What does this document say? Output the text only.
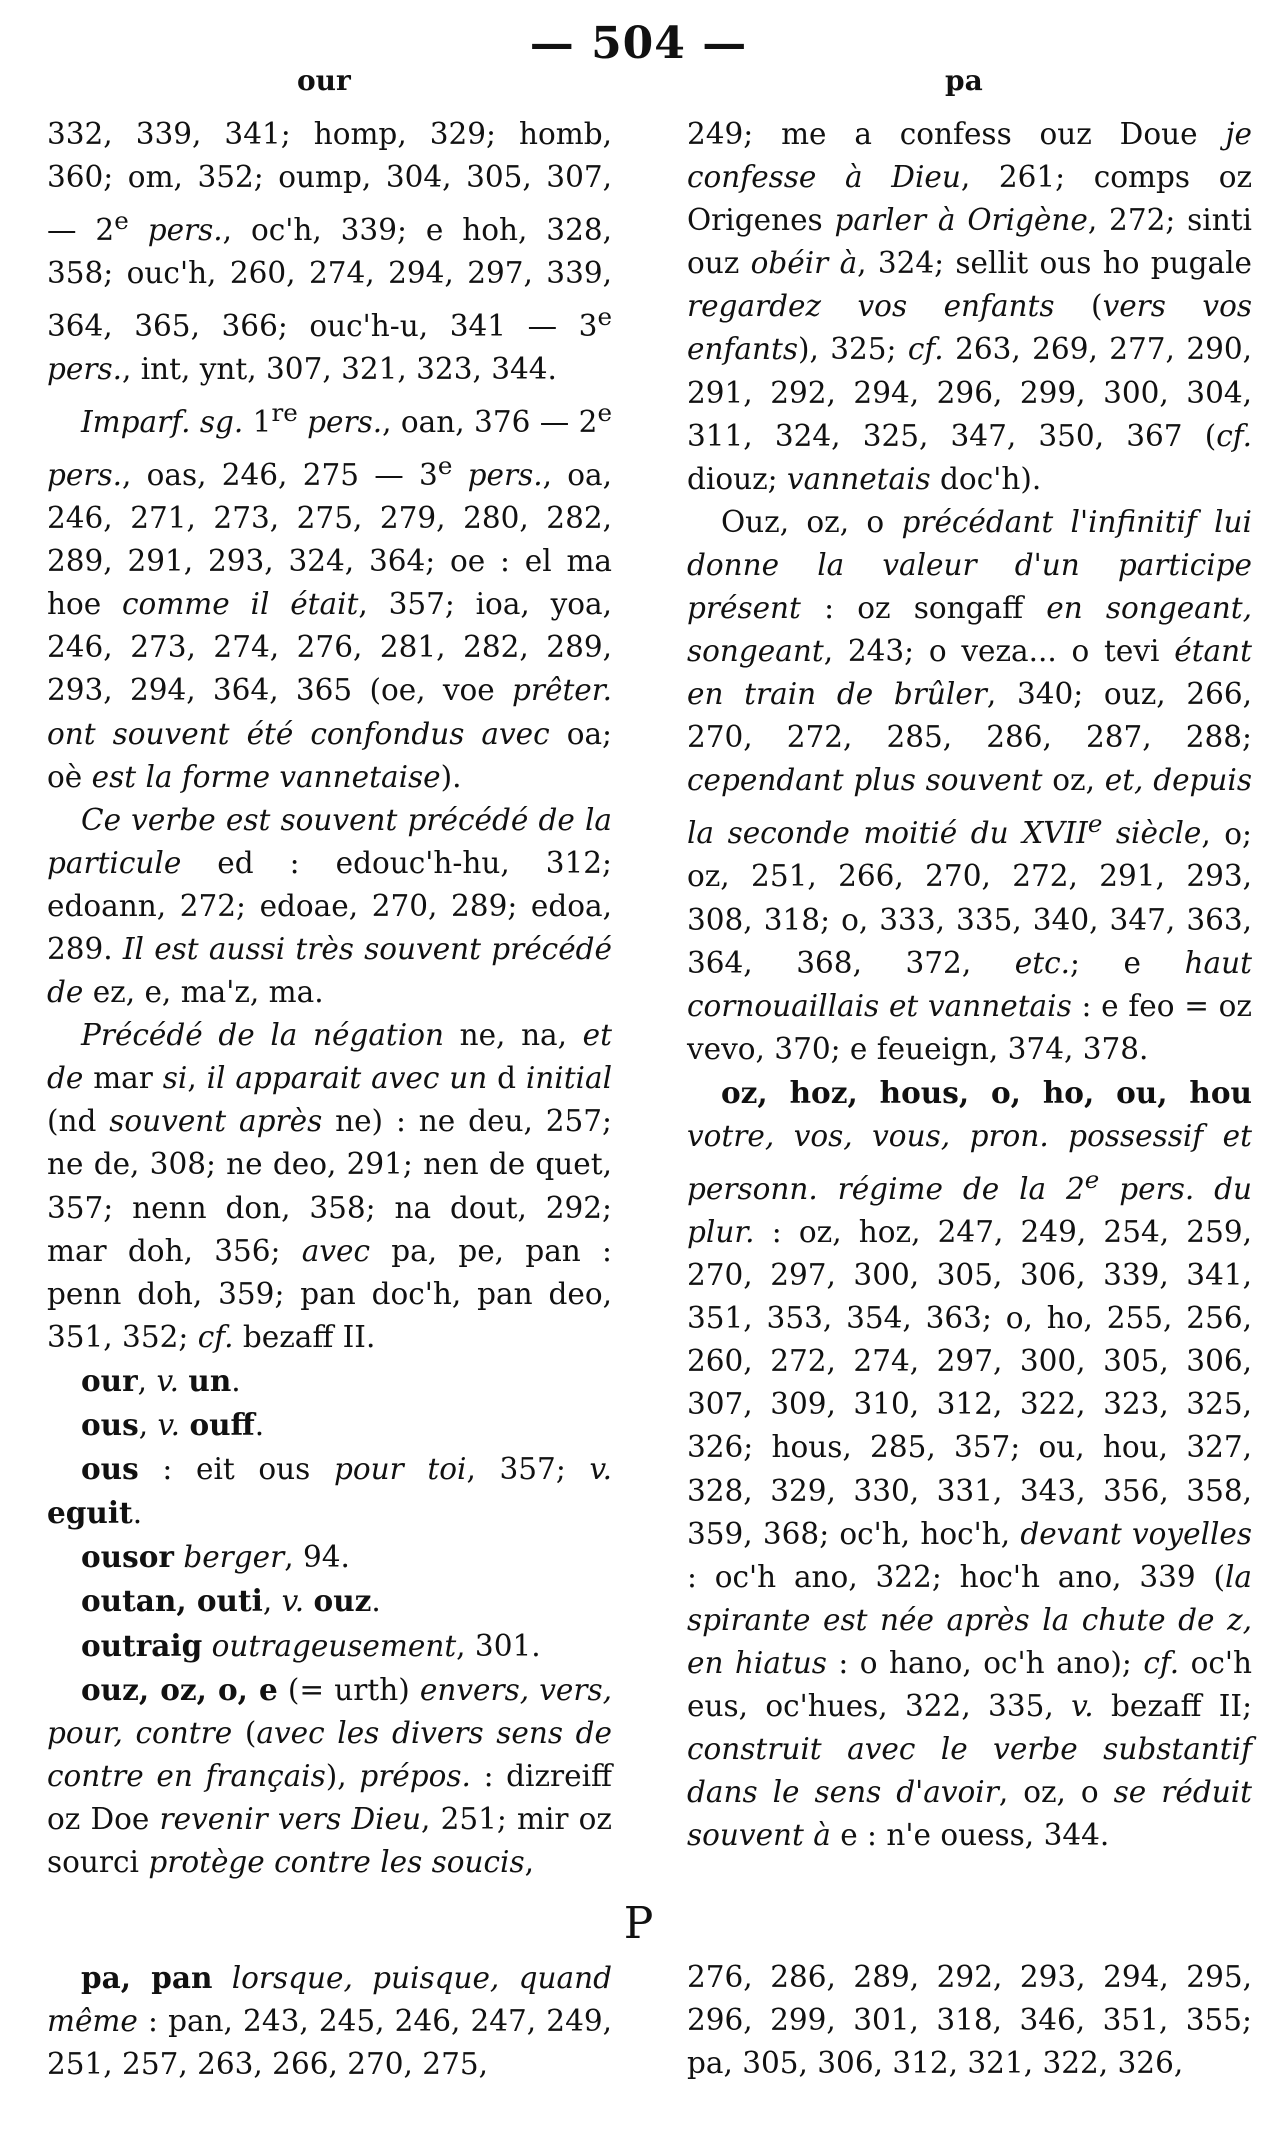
— 504 —
our	pa

332, 339, 341; homp, 329; homb, 360; om, 352; oump, 304, 305, 307, — 2e pers., oc'h, 339; e hoh, 328, 358; ouc'h, 260, 274, 294, 297, 339, 364, 365, 366; ouc'h-u, 341 — 3e pers., int, ynt, 307, 321, 323, 344.

Imparf. sg. 1re pers., oan, 376 — 2e pers., oas, 246, 275 — 3e pers., oa, 246, 271, 273, 275, 279, 280, 282, 289, 291, 293, 324, 364; oe : el ma hoe comme il était, 357; ioa, yoa, 246, 273, 274, 276, 281, 282, 289, 293, 294, 364, 365 (oe, voe prêter. ont souvent été confondus avec oa; oè est la forme vannetaise).

Ce verbe est souvent précédé de la particule ed : edouc'h-hu, 312; edoann, 272; edoae, 270, 289; edoa, 289. Il est aussi très souvent précédé de ez, e, ma'z, ma.

Précédé de la négation ne, na, et de mar si, il apparait avec un d initial (nd souvent après ne) : ne deu, 257; ne de, 308; ne deo, 291; nen de quet, 357; nenn don, 358; na dout, 292; mar doh, 356; avec pa, pe, pan : penn doh, 359; pan doc'h, pan deo, 351, 352; cf. bezaff II.

our, v. un.

ous, v. ouff.

ous : eit ous pour toi, 357; v. eguit.

ousor berger, 94.

outan, outi, v. ouz.

outraig outrageusement, 301.

ouz, oz, o, e (= urth) envers, vers, pour, contre (avec les divers sens de contre en français), prépos. : dizreiff oz Doe revenir vers Dieu, 251; mir oz sourci protège contre les soucis,

249; me a confess ouz Doue je confesse à Dieu, 261; comps oz Origenes parler à Origène, 272; sinti ouz obéir à, 324; sellit ous ho pugale regardez vos enfants (vers vos enfants), 325; cf. 263, 269, 277, 290, 291, 292, 294, 296, 299, 300, 304, 311, 324, 325, 347, 350, 367 (cf. diouz; vannetais doc'h).

Ouz, oz, o précédant l'infinitif lui donne la valeur d'un participe présent : oz songaff en songeant, songeant, 243; o veza... o tevi étant en train de brûler, 340; ouz, 266, 270, 272, 285, 286, 287, 288; cependant plus souvent oz, et, depuis la seconde moitié du XVIIe siècle, o; oz, 251, 266, 270, 272, 291, 293, 308, 318; o, 333, 335, 340, 347, 363, 364, 368, 372, etc.; e haut cornouaillais et vannetais : e feo = oz vevo, 370; e feueign, 374, 378.

oz, hoz, hous, o, ho, ou, hou votre, vos, vous, pron. possessif et personn. régime de la 2e pers. du plur. : oz, hoz, 247, 249, 254, 259, 270, 297, 300, 305, 306, 339, 341, 351, 353, 354, 363; o, ho, 255, 256, 260, 272, 274, 297, 300, 305, 306, 307, 309, 310, 312, 322, 323, 325, 326; hous, 285, 357; ou, hou, 327, 328, 329, 330, 331, 343, 356, 358, 359, 368; oc'h, hoc'h, devant voyelles : oc'h ano, 322; hoc'h ano, 339 (la spirante est née après la chute de z, en hiatus : o hano, oc'h ano); cf. oc'h eus, oc'hues, 322, 335, v. bezaff II; construit avec le verbe substantif dans le sens d'avoir, oz, o se réduit souvent à e : n'e ouess, 344.

P

pa, pan lorsque, puisque, quand même : pan, 243, 245, 246, 247, 249, 251, 257, 263, 266, 270, 275,

276, 286, 289, 292, 293, 294, 295, 296, 299, 301, 318, 346, 351, 355; pa, 305, 306, 312, 321, 322, 326,
